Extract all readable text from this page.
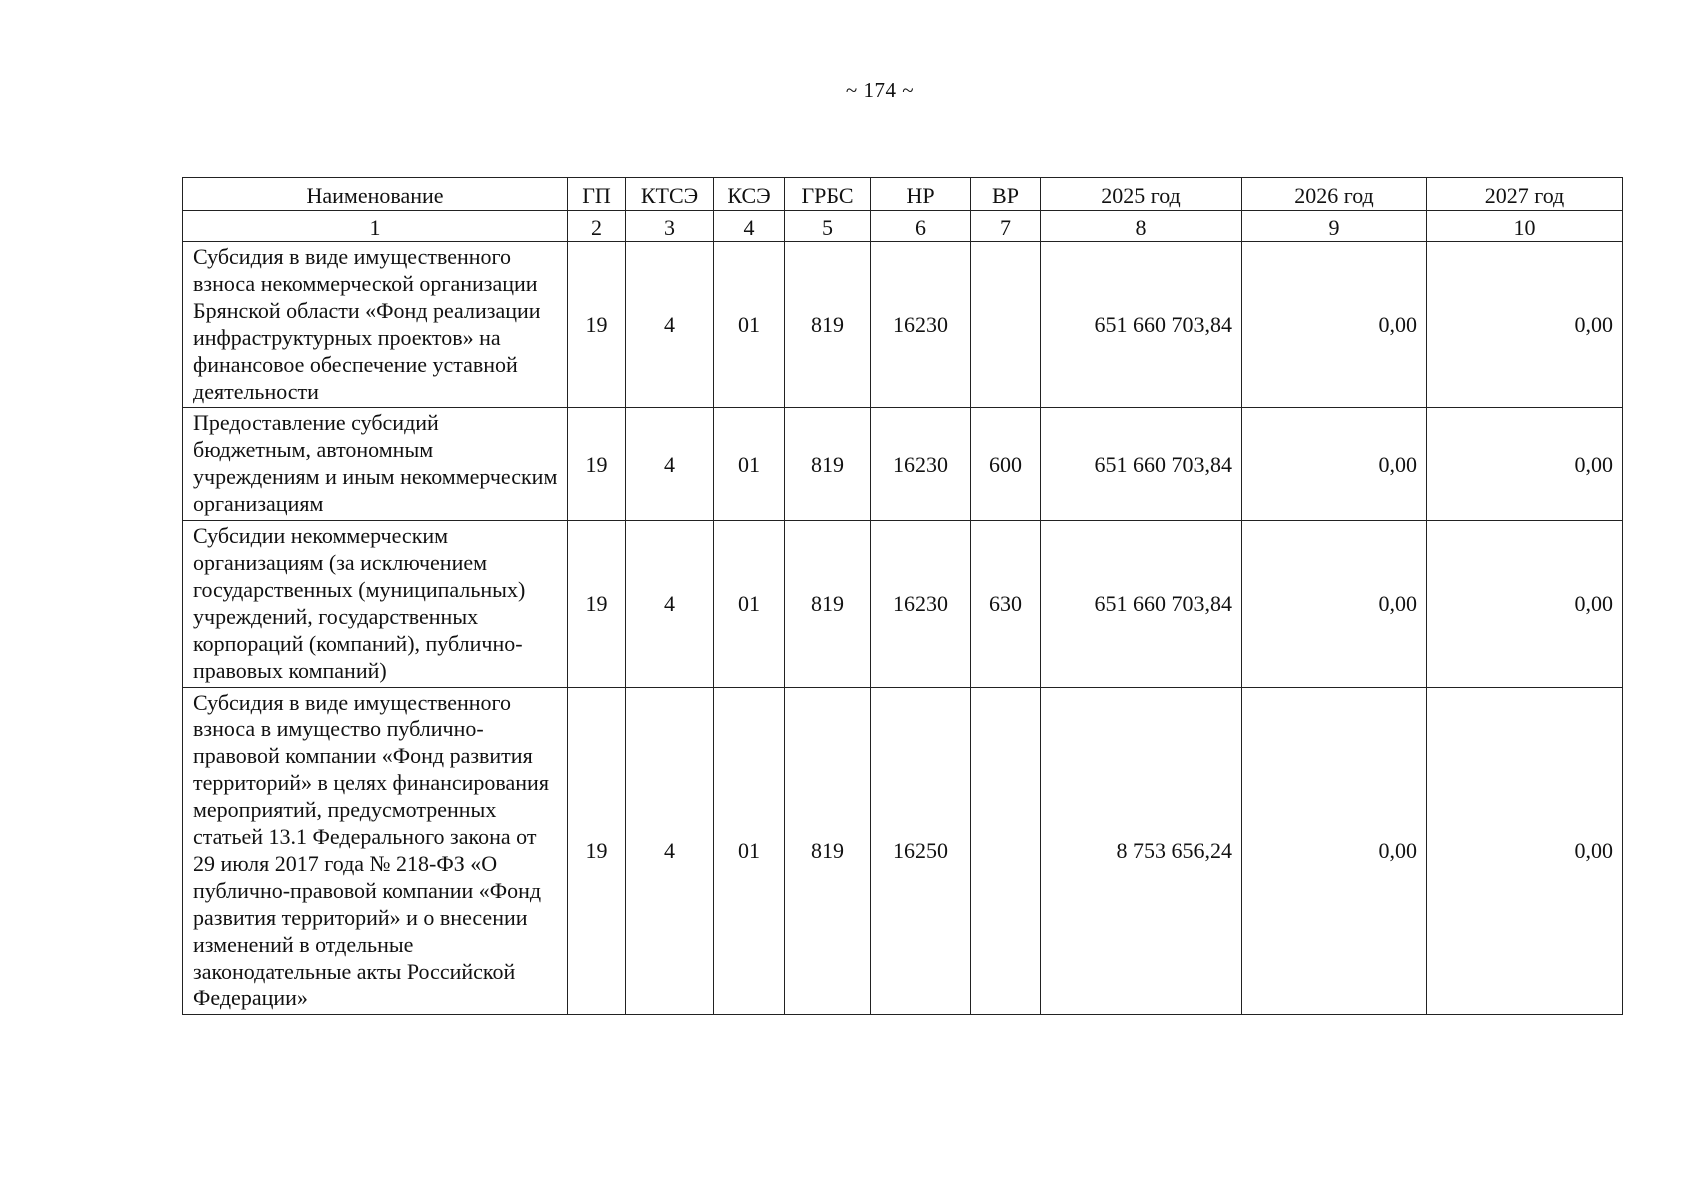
~ 174 ~
Наименование	ГП	КТСЭ	КСЭ	ГРБС	НР	ВР	2025 год	2026 год	2027 год
1	2	3	4	5	6	7	8	9	10
Субсидия в виде имущественного взноса некоммерческой организации Брянской области «Фонд реализации инфраструктурных проектов» на финансовое обеспечение уставной деятельности	19	4	01	819	16230		651 660 703,84	0,00	0,00
Предоставление субсидий бюджетным, автономным учреждениям и иным некоммерческим организациям	19	4	01	819	16230	600	651 660 703,84	0,00	0,00
Субсидии некоммерческим организациям (за исключением государственных (муниципальных) учреждений, государственных корпораций (компаний), публично-правовых компаний)	19	4	01	819	16230	630	651 660 703,84	0,00	0,00
Субсидия в виде имущественного взноса в имущество публично-правовой компании «Фонд развития территорий» в целях финансирования мероприятий, предусмотренных статьей 13.1 Федерального закона от 29 июля 2017 года № 218-ФЗ «О публично-правовой компании «Фонд развития территорий» и о внесении изменений в отдельные законодательные акты Российской Федерации»	19	4	01	819	16250		8 753 656,24	0,00	0,00
